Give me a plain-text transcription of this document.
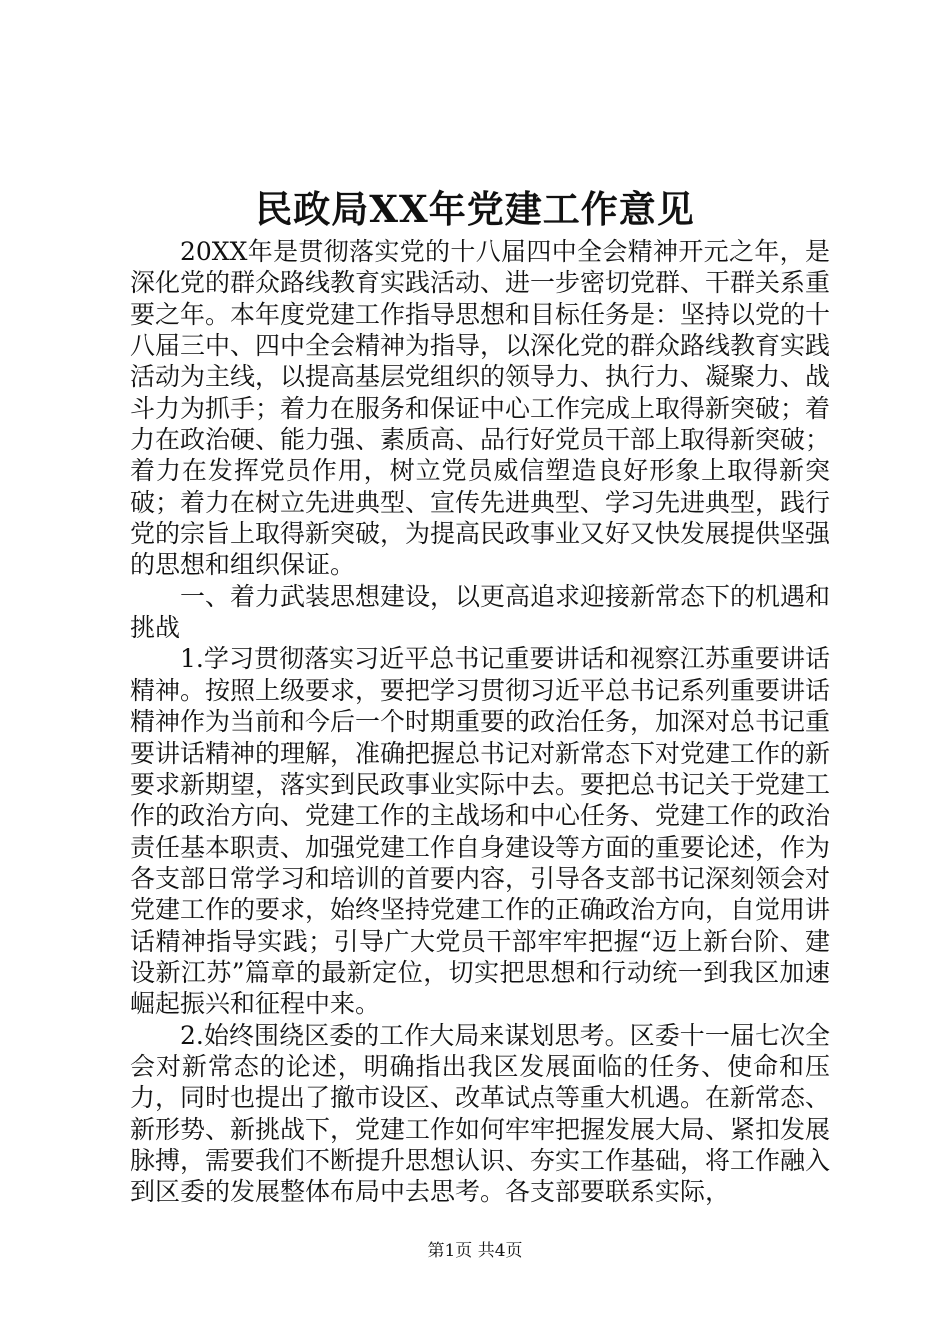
民政局XX年党建工作意见

20XX年是贯彻落实党的十八届四中全会精神开元之年，是深化党的群众路线教育实践活动、进一步密切党群、干群关系重要之年。本年度党建工作指导思想和目标任务是：坚持以党的十八届三中、四中全会精神为指导，以深化党的群众路线教育实践活动为主线，以提高基层党组织的领导力、执行力、凝聚力、战斗力为抓手；着力在服务和保证中心工作完成上取得新突破；着力在政治硬、能力强、素质高、品行好党员干部上取得新突破；着力在发挥党员作用，树立党员威信塑造良好形象上取得新突破；着力在树立先进典型、宣传先进典型、学习先进典型，践行党的宗旨上取得新突破，为提高民政事业又好又快发展提供坚强的思想和组织保证。

一、着力武装思想建设，以更高追求迎接新常态下的机遇和挑战

1.学习贯彻落实习近平总书记重要讲话和视察江苏重要讲话精神。按照上级要求，要把学习贯彻习近平总书记系列重要讲话精神作为当前和今后一个时期重要的政治任务，加深对总书记重要讲话精神的理解，准确把握总书记对新常态下对党建工作的新要求新期望，落实到民政事业实际中去。要把总书记关于党建工作的政治方向、党建工作的主战场和中心任务、党建工作的政治责任基本职责、加强党建工作自身建设等方面的重要论述，作为各支部日常学习和培训的首要内容，引导各支部书记深刻领会对党建工作的要求，始终坚持党建工作的正确政治方向，自觉用讲话精神指导实践；引导广大党员干部牢牢把握“迈上新台阶、建设新江苏”篇章的最新定位，切实把思想和行动统一到我区加速崛起振兴和征程中来。

2.始终围绕区委的工作大局来谋划思考。区委十一届七次全会对新常态的论述，明确指出我区发展面临的任务、使命和压力，同时也提出了撤市设区、改革试点等重大机遇。在新常态、新形势、新挑战下，党建工作如何牢牢把握发展大局、紧扣发展脉搏，需要我们不断提升思想认识、夯实工作基础，将工作融入到区委的发展整体布局中去思考。各支部要联系实际，

第1页 共4页
